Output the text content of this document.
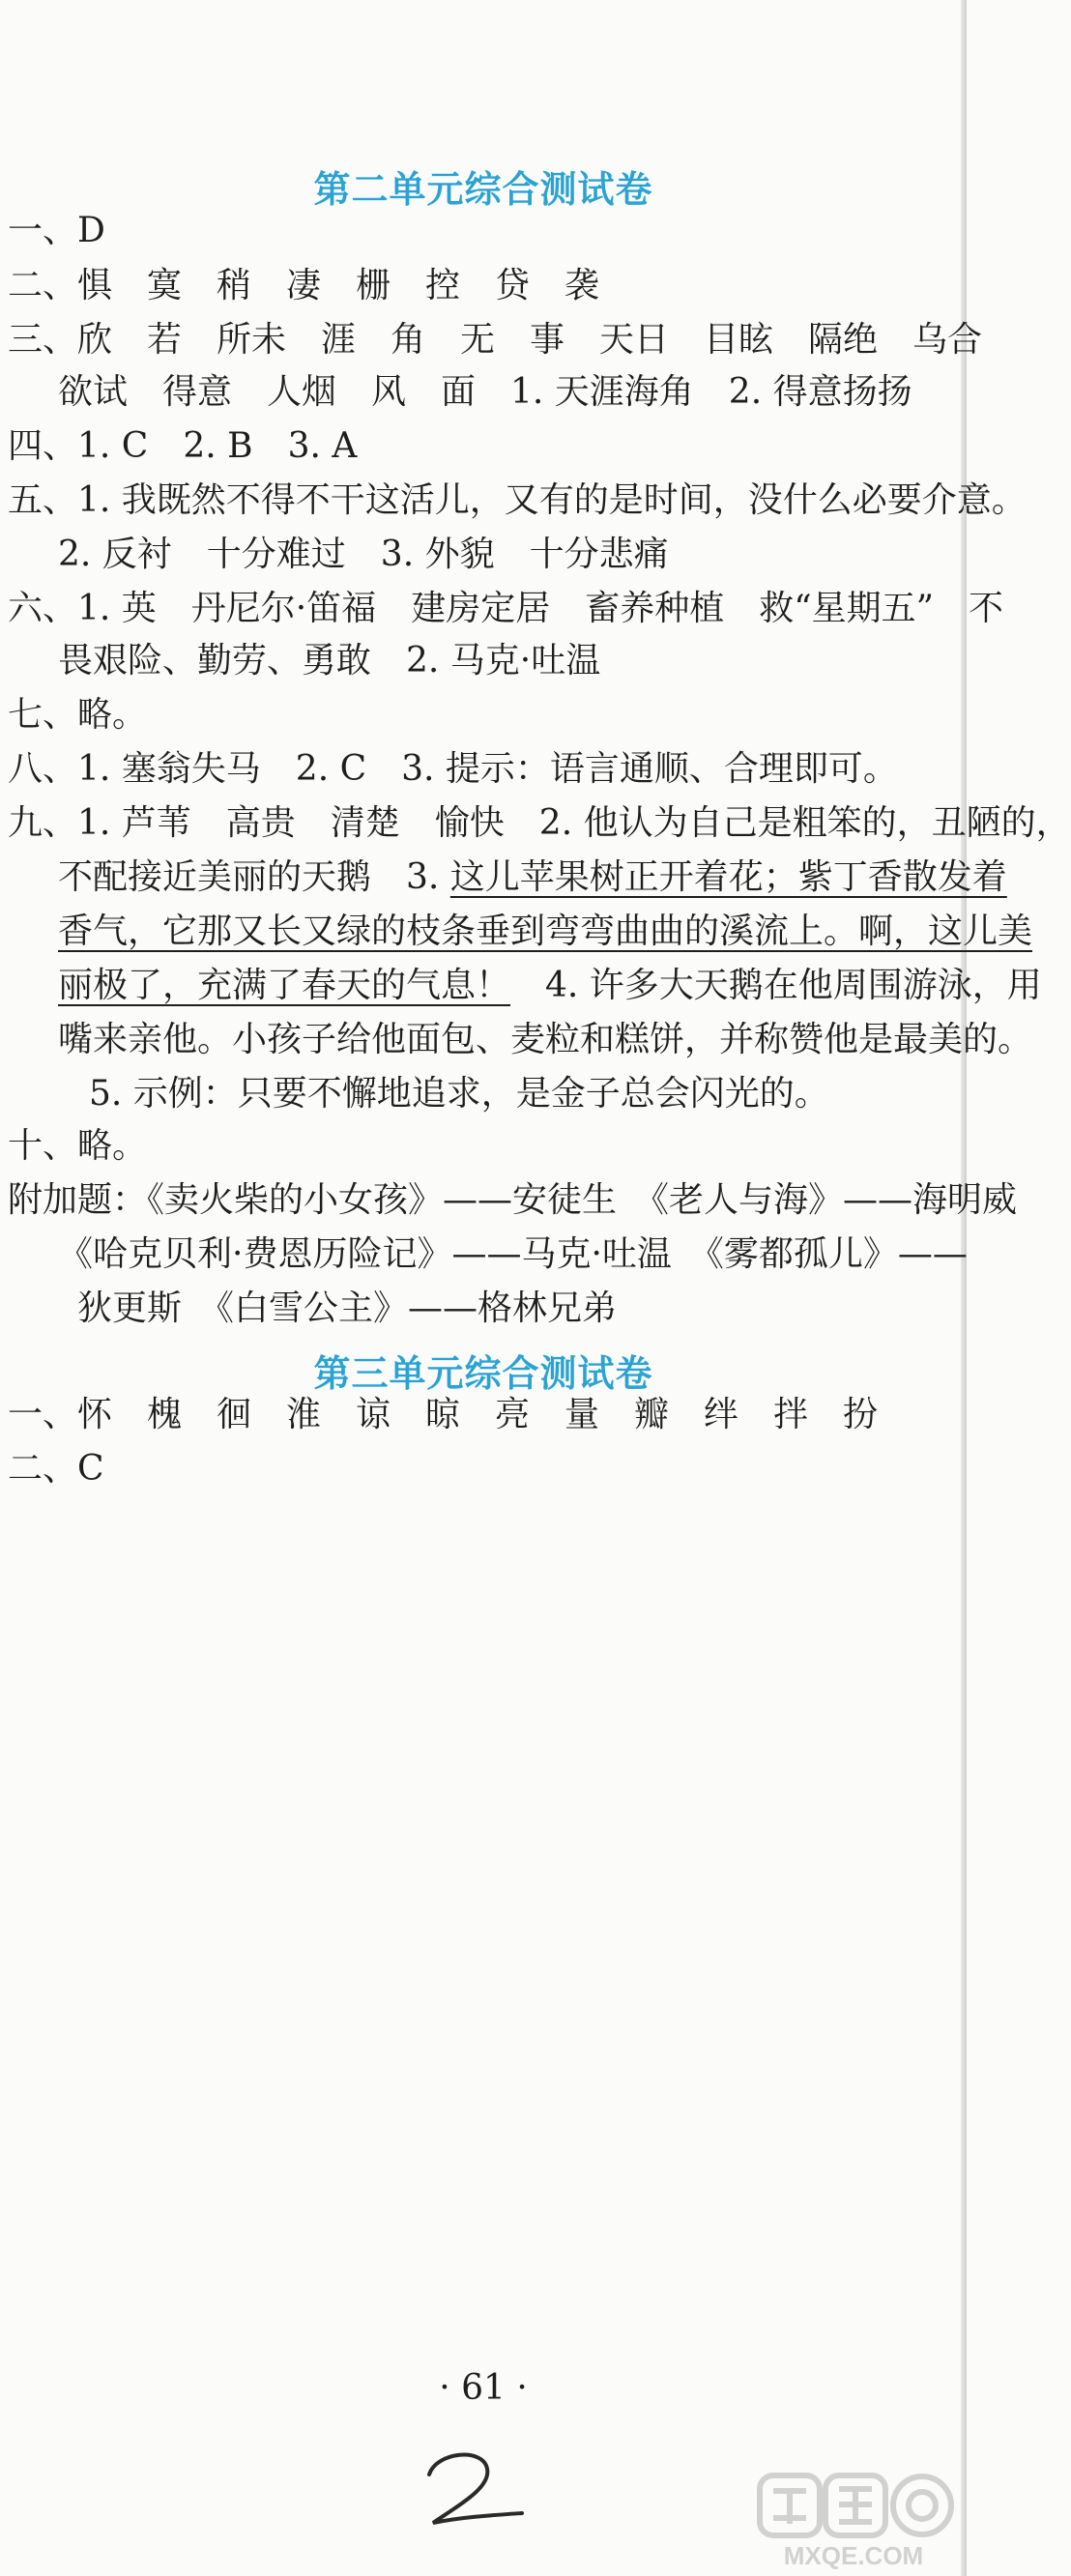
第二单元综合测试卷
一、D
二、惧　寞　稍　凄　栅　控　贷　袭
三、欣　若　所未　涯　角　无　事　天日　目眩　隔绝　乌合
欲试　得意　人烟　风　面　1. 天涯海角　2. 得意扬扬
四、1. C　2. B　3. A
五、1. 我既然不得不干这活儿，又有的是时间，没什么必要介意。
2. 反衬　十分难过　3. 外貌　十分悲痛
六、1. 英　丹尼尔·笛福　建房定居　畜养种植　救“星期五”　不
畏艰险、勤劳、勇敢　2. 马克·吐温
七、略。
八、1. 塞翁失马　2. C　3. 提示：语言通顺、合理即可。
九、1. 芦苇　高贵　清楚　愉快　2. 他认为自己是粗笨的，丑陋的，
不配接近美丽的天鹅　3. 这儿苹果树正开着花；紫丁香散发着
香气，它那又长又绿的枝条垂到弯弯曲曲的溪流上。啊，这儿美
丽极了，充满了春天的气息！　4. 许多大天鹅在他周围游泳，用
嘴来亲他。小孩子给他面包、麦粒和糕饼，并称赞他是最美的。
5. 示例：只要不懈地追求，是金子总会闪光的。
十、略。
附加题：《卖火柴的小女孩》——安徒生　《老人与海》——海明威
《哈克贝利·费恩历险记》——马克·吐温　《雾都孤儿》——
狄更斯　《白雪公主》——格林兄弟
第三单元综合测试卷
一、怀　槐　徊　淮　谅　晾　亮　量　瓣　绊　拌　扮
二、C
· 61 ·
MXQE.COM
